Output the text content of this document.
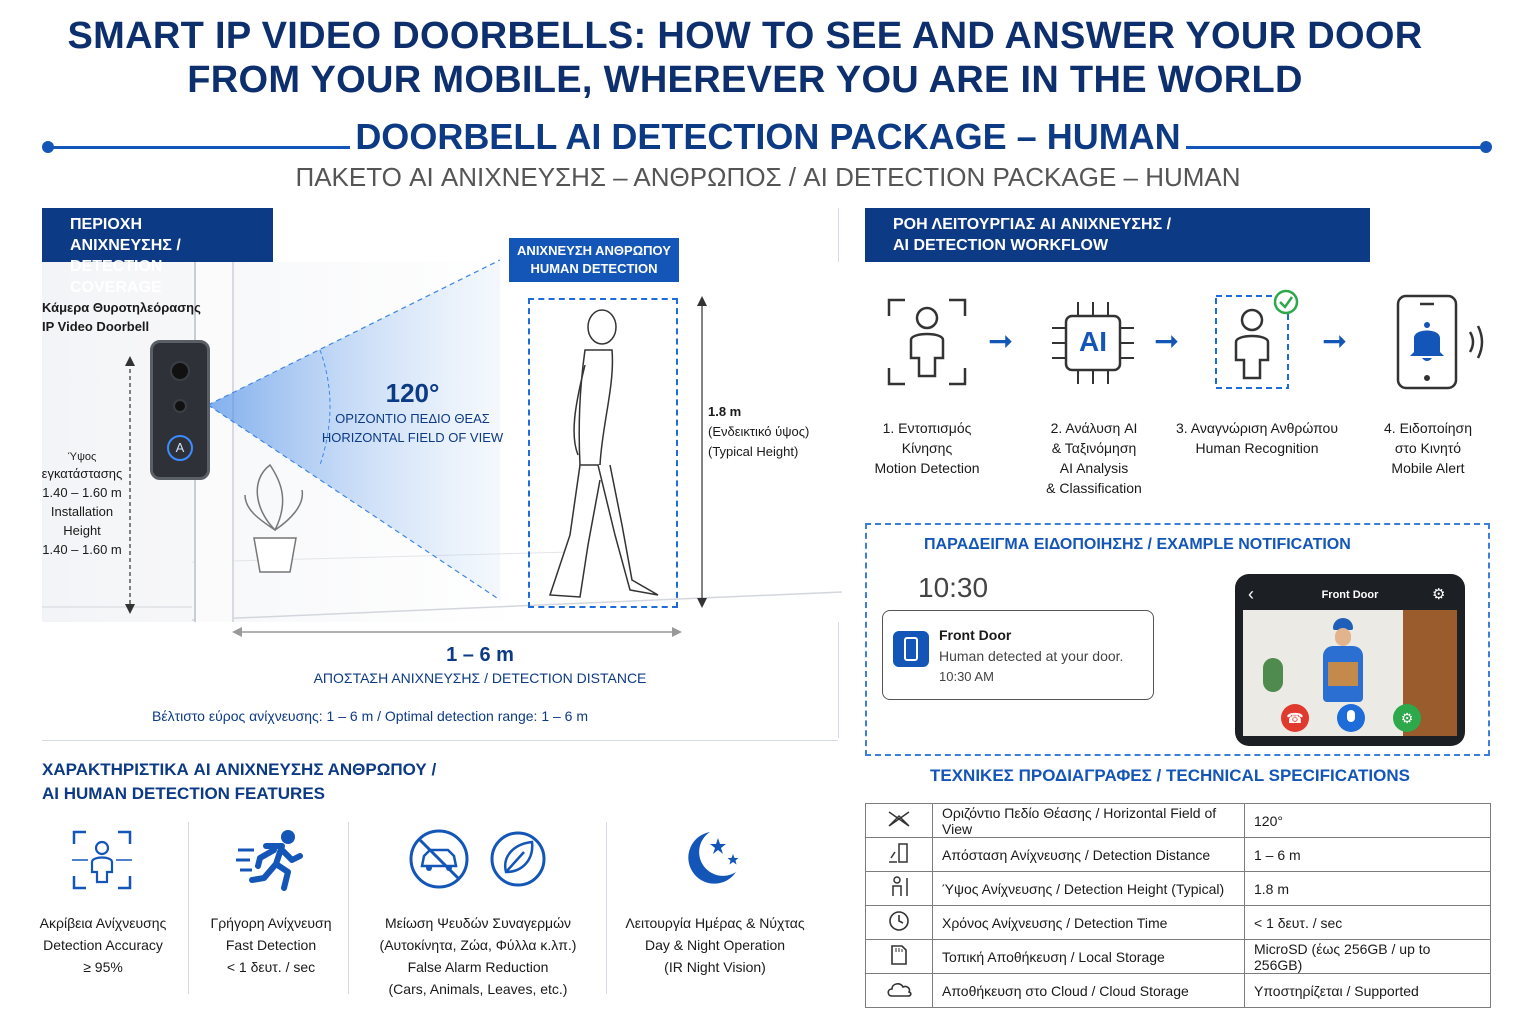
SMART IP VIDEO DOORBELLS: HOW TO SEE AND ANSWER YOUR DOOR
FROM YOUR MOBILE, WHEREVER YOU ARE IN THE WORLD
DOORBELL AI DETECTION PACKAGE – HUMAN
ΠΑΚΕΤΟ AI ΑΝΙΧΝΕΥΣΗΣ – ΑΝΘΡΩΠΟΣ / AI DETECTION PACKAGE – HUMAN
ΠΕΡΙΟΧΗ ΑΝΙΧΝΕΥΣΗΣ /
DETECTION COVERAGE
Κάμερα Θυροτηλεόρασης
IP Video Doorbell
A
Ύψος
εγκατάστασης
1.40 – 1.60 m
Installation
Height
1.40 – 1.60 m
120°
ΟΡΙΖΟΝΤΙΟ ΠΕΔΙΟ ΘΕΑΣ
HORIZONTAL FIELD OF VIEW
ΑΝΙΧΝΕΥΣΗ ΑΝΘΡΩΠΟΥ
HUMAN DETECTION
1.8 m
(Ενδεικτικό ύψος)
(Typical Height)
1 – 6 m
ΑΠΟΣΤΑΣΗ ΑΝΙΧΝΕΥΣΗΣ / DETECTION DISTANCE
Βέλτιστο εύρος ανίχνευσης: 1 – 6 m / Optimal detection range: 1 – 6 m
ΡΟΗ ΛΕΙΤΟΥΡΓΙΑΣ AI ΑΝΙΧΝΕΥΣΗΣ /
AI DETECTION WORKFLOW
➞	AI	➞	➞
1. Εντοπισμός Κίνησης
Motion Detection
2. Ανάλυση AI
& Ταξινόμηση
AI Analysis
& Classification
3. Αναγνώριση Ανθρώπου
Human Recognition
4. Ειδοποίηση
στο Κινητό
Mobile Alert
ΠΑΡΑΔΕΙΓΜΑ ΕΙΔΟΠΟΙΗΣΗΣ / EXAMPLE NOTIFICATION
10:30
Front Door
Human detected at your door.
10:30 AM
‹	Front Door	⚙
☎	⚙
ΧΑΡΑΚΤΗΡΙΣΤΙΚΑ AI ΑΝΙΧΝΕΥΣΗΣ ΑΝΘΡΩΠΟΥ /
AI HUMAN DETECTION FEATURES
Ακρίβεια Ανίχνευσης
Detection Accuracy
≥ 95%
Γρήγορη Ανίχνευση
Fast Detection
< 1 δευτ. / sec
Μείωση Ψευδών Συναγερμών
(Αυτοκίνητα, Ζώα, Φύλλα κ.λπ.)
False Alarm Reduction
(Cars, Animals, Leaves, etc.)
Λειτουργία Ημέρας & Νύχτας
Day & Night Operation
(IR Night Vision)
ΤΕΧΝΙΚΕΣ ΠΡΟΔΙΑΓΡΑΦΕΣ / TECHNICAL SPECIFICATIONS
	Οριζόντιο Πεδίο Θέασης / Horizontal Field of View	120°
	Απόσταση Ανίχνευσης / Detection Distance	1 – 6 m
	Ύψος Ανίχνευσης / Detection Height (Typical)	1.8 m
	Χρόνος Ανίχνευσης / Detection Time	< 1 δευτ. / sec
	Τοπική Αποθήκευση / Local Storage	MicroSD (έως 256GB / up to 256GB)
	Αποθήκευση στο Cloud / Cloud Storage	Υποστηρίζεται / Supported
